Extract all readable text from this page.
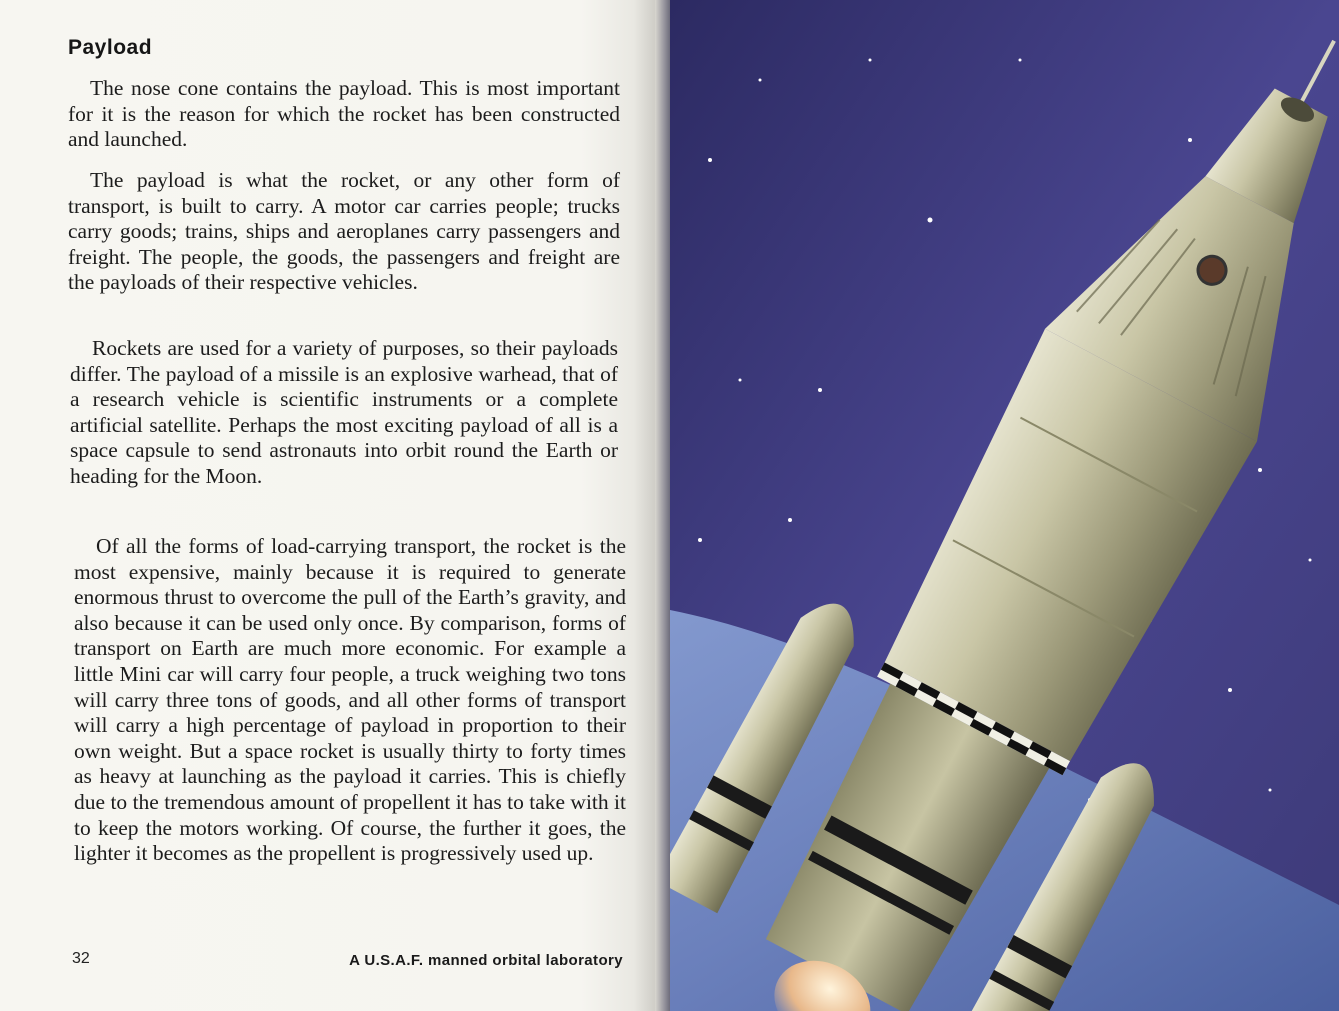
Payload

The nose cone contains the payload. This is most important for it is the reason for which the rocket has been constructed and launched.

The payload is what the rocket, or any other form of transport, is built to carry. A motor car carries people; trucks carry goods; trains, ships and aeroplanes carry passengers and freight. The people, the goods, the passengers and freight are the payloads of their respective vehicles.

Rockets are used for a variety of purposes, so their payloads differ. The payload of a missile is an explosive warhead, that of a research vehicle is scientific instruments or a complete artificial satellite. Perhaps the most exciting payload of all is a space capsule to send astronauts into orbit round the Earth or heading for the Moon.

Of all the forms of load-carrying transport, the rocket is the most expensive, mainly because it is required to generate enormous thrust to overcome the pull of the Earth’s gravity, and also because it can be used only once. By comparison, forms of transport on Earth are much more economic. For example a little Mini car will carry four people, a truck weighing two tons will carry three tons of goods, and all other forms of transport will carry a high percentage of payload in proportion to their own weight. But a space rocket is usually thirty to forty times as heavy at launching as the payload it carries. This is chiefly due to the tremendous amount of propellent it has to take with it to keep the motors working. Of course, the further it goes, the lighter it becomes as the propellent is progressively used up.

32	A U.S.A.F. manned orbital laboratory
